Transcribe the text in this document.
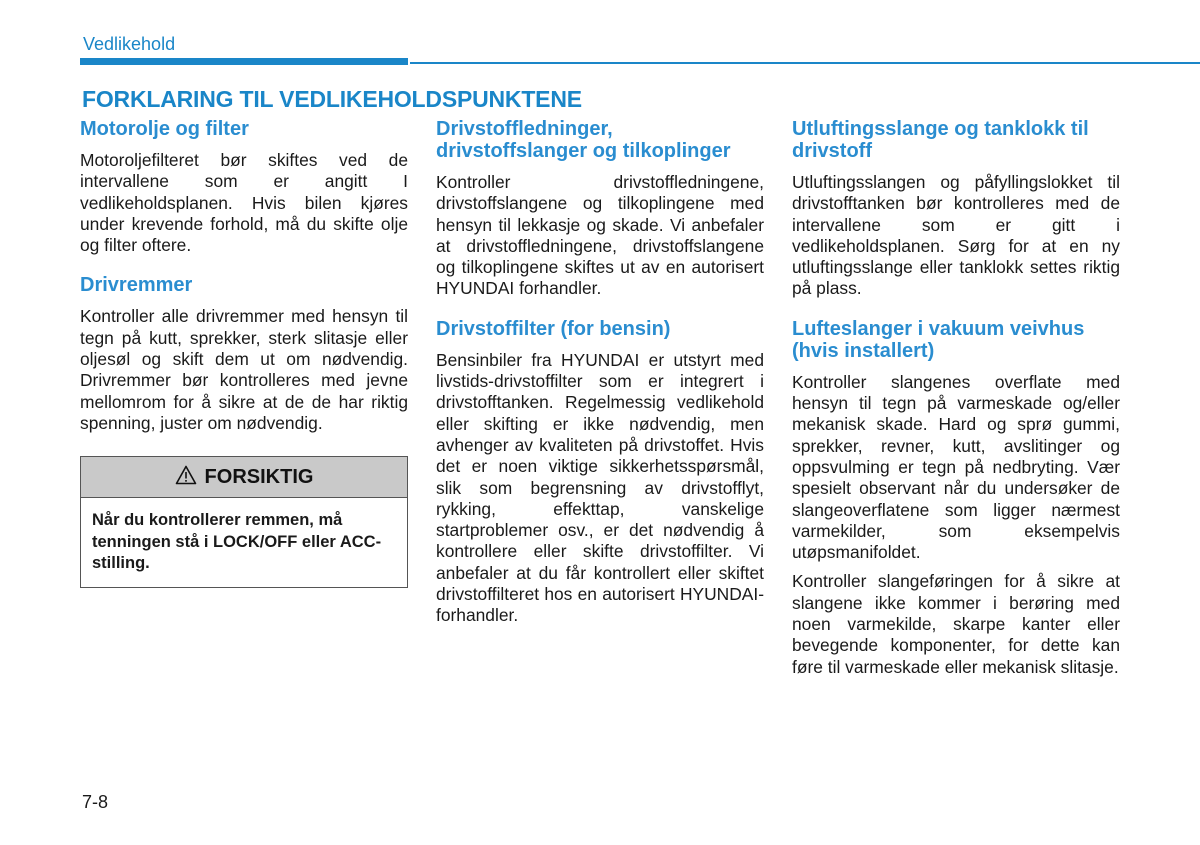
Vedlikehold
FORKLARING TIL VEDLIKEHOLDSPUNKTENE
Motorolje og filter

Motoroljefilteret bør skiftes ved de intervallene som er angitt I vedlikeholdsplanen. Hvis bilen kjøres under krevende forhold, må du skifte olje og filter oftere.

Drivremmer

Kontroller alle drivremmer med hensyn til tegn på kutt, sprekker, sterk slitasje eller oljesøl og skift dem ut om nødvendig. Drivremmer bør kontrolleres med jevne mellomrom for å sikre at de de har riktig spenning, juster om nødvendig.

FORSIKTIG
Når du kontrollerer remmen, må tenningen stå i LOCK/OFF eller ACC-stilling.
Drivstoffledninger, drivstoffslanger og tilkoplinger

Kontroller drivstoffledningene, drivstoffslangene og tilkoplingene med hensyn til lekkasje og skade. Vi anbefaler at drivstoffledningene, drivstoffslangene og tilkoplingene skiftes ut av en autorisert HYUNDAI forhandler.

Drivstoffilter (for bensin)

Bensinbiler fra HYUNDAI er utstyrt med livstids-drivstoffilter som er integrert i drivstofftanken. Regelmessig vedlikehold eller skifting er ikke nødvendig, men avhenger av kvaliteten på drivstoffet. Hvis det er noen viktige sikkerhetsspørsmål, slik som begrensning av drivstofflyt, rykking, effekttap, vanskelige startproblemer osv., er det nødvendig å kontrollere eller skifte drivstoffilter. Vi anbefaler at du får kontrollert eller skiftet drivstoffilteret hos en autorisert HYUNDAI-forhandler.

Utluftingsslange og tanklokk til drivstoff

Utluftingsslangen og påfyllingslokket til drivstofftanken bør kontrolleres med de intervallene som er gitt i vedlikeholdsplanen. Sørg for at en ny utluftingsslange eller tanklokk settes riktig på plass.

Lufteslanger i vakuum veivhus (hvis installert)

Kontroller slangenes overflate med hensyn til tegn på varmeskade og/eller mekanisk skade. Hard og sprø gummi, sprekker, revner, kutt, avslitinger og oppsvulming er tegn på nedbryting. Vær spesielt observant når du undersøker de slangeoverflatene som ligger nærmest varmekilder, som eksempelvis utøpsmanifoldet.

Kontroller slangeføringen for å sikre at slangene ikke kommer i berøring med noen varmekilde, skarpe kanter eller bevegende komponenter, for dette kan føre til varmeskade eller mekanisk slitasje.

7-8
